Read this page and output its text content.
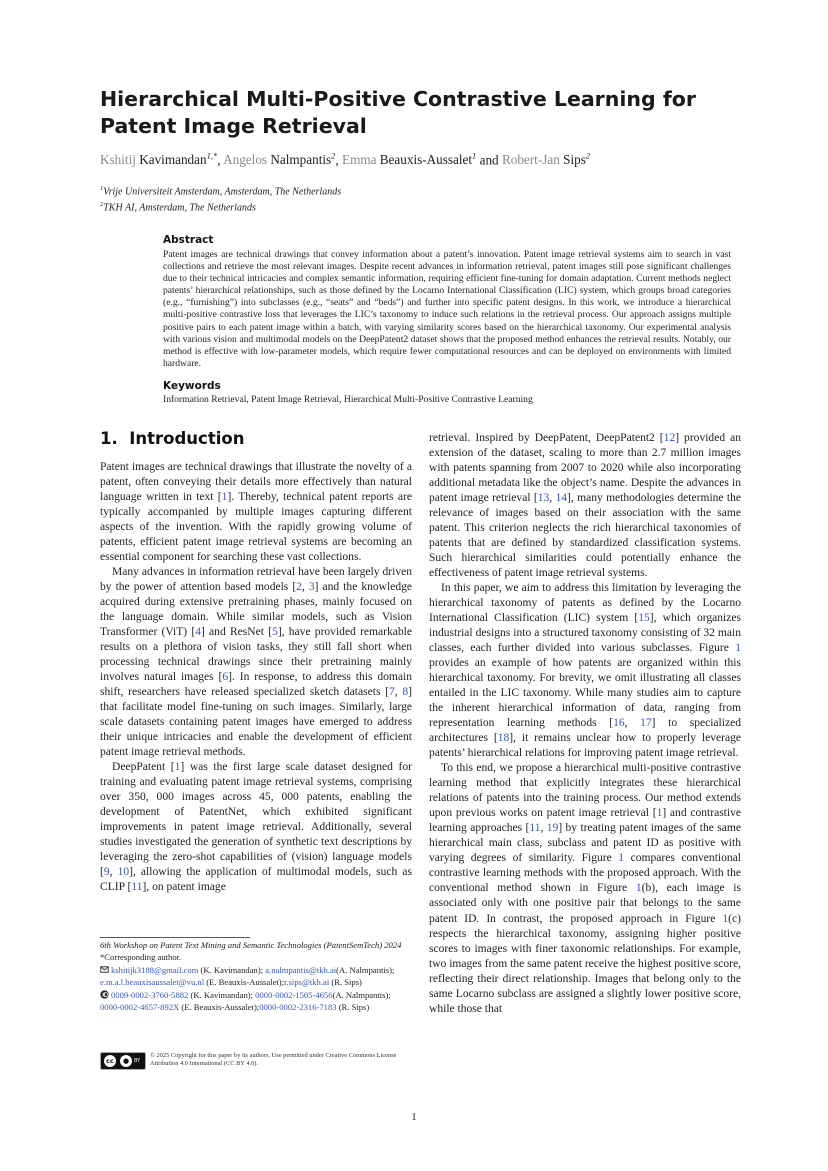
Hierarchical Multi-Positive Contrastive Learning for Patent Image Retrieval
Kshitij Kavimandan$^{1,*}$, Angelos Nalmpantis$^2$, Emma Beauxis-Aussalet$^1$ and Robert-Jan Sips$^2$
$^1$Vrije Universiteit Amsterdam, Amsterdam, The Netherlands
$^2$TKH AI, Amsterdam, The Netherlands
Abstract

Patent images are technical drawings that convey information about a patent’s innovation. Patent image retrieval systems aim to search in vast collections and retrieve the most relevant images. Despite recent advances in information retrieval, patent images still pose significant challenges due to their technical intricacies and complex semantic information, requiring efficient fine-tuning for domain adaptation. Current methods neglect patents’ hierarchical relationships, such as those defined by the Locarno International Classification (LIC) system, which groups broad categories (e.g., “furnishing”) into subclasses (e.g., “seats” and “beds”) and further into specific patent designs. In this work, we introduce a hierarchical multi-positive contrastive loss that leverages the LIC’s taxonomy to induce such relations in the retrieval process. Our approach assigns multiple positive pairs to each patent image within a batch, with varying similarity scores based on the hierarchical taxonomy. Our experimental analysis with various vision and multimodal models on the DeepPatent2 dataset shows that the proposed method enhances the retrieval results. Notably, our method is effective with low-parameter models, which require fewer computational resources and can be deployed on environments with limited hardware.

Keywords
Information Retrieval, Patent Image Retrieval, Hierarchical Multi-Positive Contrastive Learning
1. Introduction

Patent images are technical drawings that illustrate the novelty of a patent, often conveying their details more effectively than natural language written in text [1]. Thereby, technical patent reports are typically accompanied by multiple images capturing different aspects of the invention. With the rapidly growing volume of patents, efficient patent image retrieval systems are becoming an essential component for searching these vast collections.

Many advances in information retrieval have been largely driven by the power of attention based models [2, 3] and the knowledge acquired during extensive pretraining phases, mainly focused on the language domain. While similar models, such as Vision Transformer (ViT) [4] and ResNet [5], have provided remarkable results on a plethora of vision tasks, they still fall short when processing technical drawings since their pretraining mainly involves natural images [6]. In response, to address this domain shift, researchers have released specialized sketch datasets [7, 8] that facilitate model fine-tuning on such images. Similarly, large scale datasets containing patent images have emerged to address their unique intricacies and enable the development of efficient patent image retrieval methods.

DeepPatent [1] was the first large scale dataset designed for training and evaluating patent image retrieval systems, comprising over 350, 000 images across 45, 000 patents, enabling the development of PatentNet, which exhibited significant improvements in patent image retrieval. Additionally, several studies investigated the generation of synthetic text descriptions by leveraging the zero-shot capabilities of (vision) language models [9, 10], allowing the application of multimodal models, such as CLIP [11], on patent image

retrieval. Inspired by DeepPatent, DeepPatent2 [12] provided an extension of the dataset, scaling to more than 2.7 million images with patents spanning from 2007 to 2020 while also incorporating additional metadata like the object’s name. Despite the advances in patent image retrieval [13, 14], many methodologies determine the relevance of images based on their association with the same patent. This criterion neglects the rich hierarchical taxonomies of patents that are defined by standardized classification systems. Such hierarchical similarities could potentially enhance the effectiveness of patent image retrieval systems.

In this paper, we aim to address this limitation by leveraging the hierarchical taxonomy of patents as defined by the Locarno International Classification (LIC) system [15], which organizes industrial designs into a structured taxonomy consisting of 32 main classes, each further divided into various subclasses. Figure 1 provides an example of how patents are organized within this hierarchical taxonomy. For brevity, we omit illustrating all classes entailed in the LIC taxonomy. While many studies aim to capture the inherent hierarchical information of data, ranging from representation learning methods [16, 17] to specialized architectures [18], it remains unclear how to properly leverage patents’ hierarchical relations for improving patent image retrieval.

To this end, we propose a hierarchical multi-positive contrastive learning method that explicitly integrates these hierarchical relations of patents into the training process. Our method extends upon previous works on patent image retrieval [1] and contrastive learning approaches [11, 19] by treating patent images of the same hierarchical main class, subclass and patent ID as positive with varying degrees of similarity. Figure 1 compares conventional contrastive learning methods with the proposed approach. With the conventional method shown in Figure 1(b), each image is associated only with one positive pair that belongs to the same patent ID. In contrast, the proposed approach in Figure 1(c) respects the hierarchical taxonomy, assigning higher positive scores to images with finer taxonomic relationships. For example, two images from the same patent receive the highest positive score, reflecting their direct relationship. Images that belong only to the same Locarno subclass are assigned a slightly lower positive score, while those that

6th Workshop on Patent Text Mining and Semantic Technologies (PatentSemTech) 2024
*Corresponding author.
kshitijk3188@gmail.com (K. Kavimandan); a.nalmpantis@tkh.ai(A. Nalmpantis); e.m.a.l.beauxisaussalet@vu.nl (E. Beauxis-Aussalet);r.sips@tkh.ai (R. Sips)
0009-0002-3760-5882 (K. Kavimandan); 0000-0002-1505-4656(A. Nalmpantis); 0000-0002-4657-892X (E. Beauxis-Aussalet);0000-0002-2316-7183 (R. Sips)
cc	● BY

© 2025 Copyright for this paper by its authors. Use permitted under Creative Commons License Attribution 4.0 International (CC BY 4.0).

1
